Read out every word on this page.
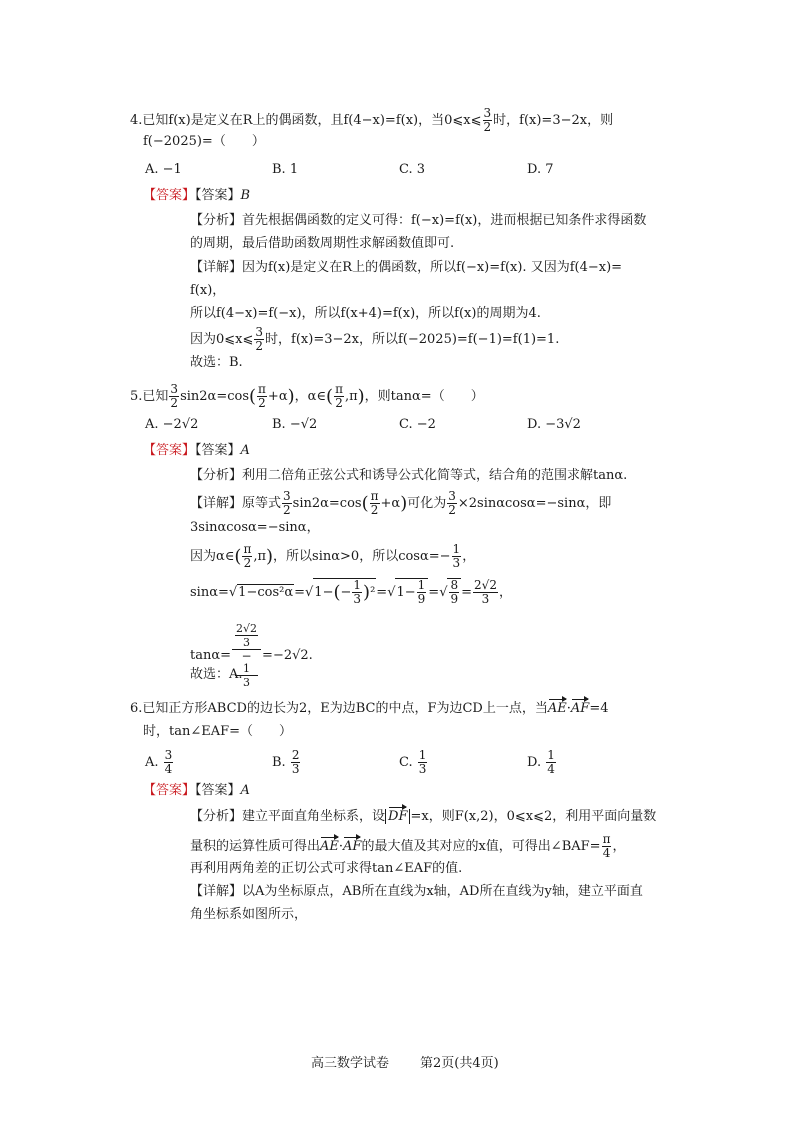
4.已知f(x)是定义在R上的偶函数，且f(4−x)=f(x)，当0⩽x⩽ $\frac{3}{2}$ 时，f(x)=3−2x，则
f(−2025)=（　　）
A. −1	B. 1	C. 3	D. 7
【答案】【答案】B
【分析】首先根据偶函数的定义可得：f(−x)=f(x)，进而根据已知条件求得函数
的周期，最后借助函数周期性求解函数值即可.
【详解】因为f(x)是定义在R上的偶函数，所以f(−x)=f(x). 又因为f(4−x)=
f(x)，
所以f(4−x)=f(−x)，所以f(x+4)=f(x)，所以f(x)的周期为4.
因为0⩽x⩽ $\frac{3}{2}$ 时，f(x)=3−2x，所以f(−2025)=f(−1)=f(1)=1.
故选：B.
5.已知 $\frac{3}{2} \sin 2\alpha=\cos( \frac{\pi}{2} +\alpha)$，α∈( $\frac{\pi}{2} ,\pi$)，则tanα=（　　）
A. −2√2	B. −√2	C. −2	D. −3√2
【答案】【答案】A
【分析】利用二倍角正弦公式和诱导公式化简等式，结合角的范围求解tanα.
【详解】原等式 $\frac{3}{2} \sin 2\alpha=\cos( \frac{\pi}{2} +\alpha)$可化为 $\frac{3}{2} \times 2\sin\alpha\cos\alpha=-\sin\alpha$，即
3sinαcosα=−sinα，
因为α∈( $\frac{\pi}{2} ,\pi$)，所以sinα>0，所以$\cos\alpha=- \frac{1}{3}$ ，
$\sin\alpha=√1-\cos^2\alpha=√1-(- \frac{1}{3} )^2=√1- \frac{1}{9}$ =√ $\frac{8}{9} = \frac{2√2}{3}$ ，
tanα= 2√2
3
−
1
3 =−2√2.
故选：A.
6.已知正方形ABCD的边长为2，E为边BC的中点，F为边CD上一点，当AE·AF=4
时，tan∠EAF=（　　）
A. $\frac{3}{4}$	B. $\frac{2}{3}$	C. $\frac{1}{3}$	D. $\frac{1}{4}$
【答案】【答案】A
【分析】建立平面直角坐标系，设 DF =x，则F(x,2)，0⩽x⩽2，利用平面向量数
量积的运算性质可得出AE·AF的最大值及其对应的x值，可得出∠BAF= $\frac{\pi}{4}$ ，
再利用两角差的正切公式可求得tan∠EAF的值.
【详解】以A为坐标原点，AB所在直线为x轴，AD所在直线为y轴，建立平面直
角坐标系如图所示，
高三数学试卷 第2页(共4页)
